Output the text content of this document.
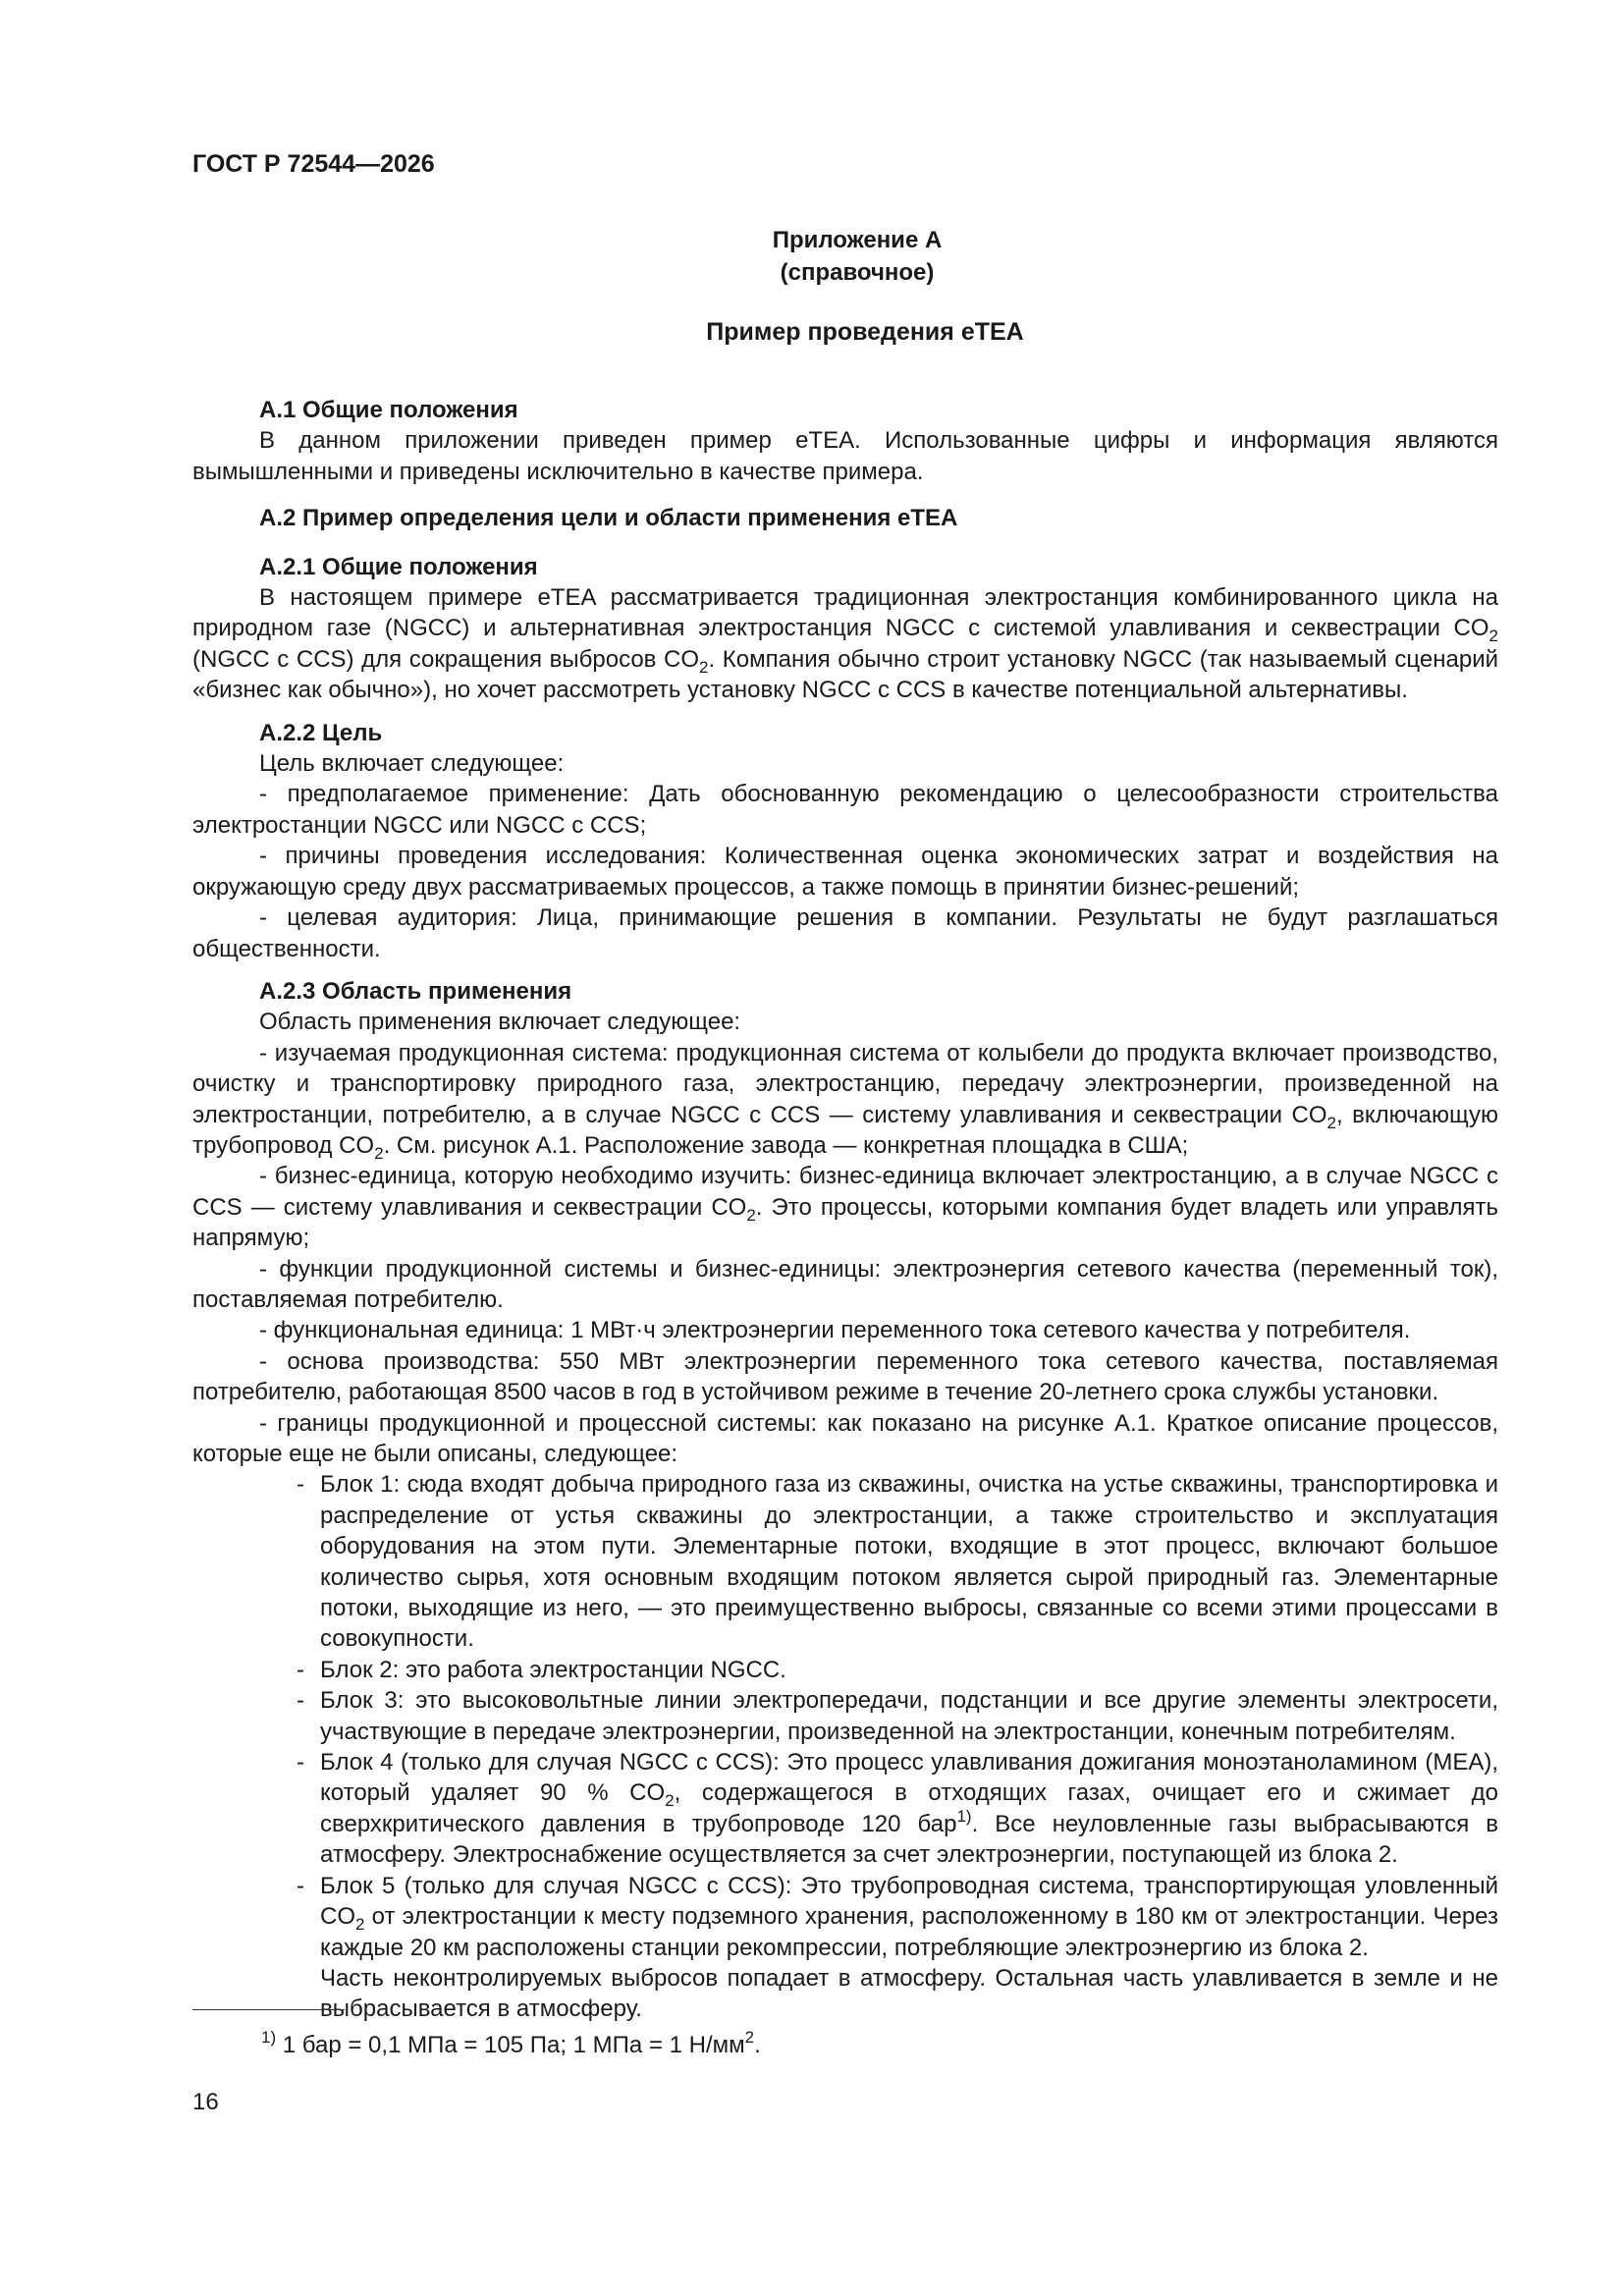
ГОСТ Р 72544—2026
Приложение А
(справочное)
Пример проведения eTEA
А.1 Общие положения

В данном приложении приведен пример eTEA. Использованные цифры и информация являются вымышленными и приведены исключительно в качестве примера.

А.2 Пример определения цели и области применения eTEA
А.2.1 Общие положения

В настоящем примере eTEA рассматривается традиционная электростанция комбинированного цикла на природном газе (NGCC) и альтернативная электростанция NGCC с системой улавливания и секвестрации $CO_2$ (NGCC с CCS) для сокращения выбросов $CO_2$. Компания обычно строит установку NGCC (так называемый сценарий «бизнес как обычно»), но хочет рассмотреть установку NGCC с CCS в качестве потенциальной альтернативы.

А.2.2 Цель

Цель включает следующее:

- предполагаемое применение: Дать обоснованную рекомендацию о целесообразности строительства электростанции NGCC или NGCC с CCS;

- причины проведения исследования: Количественная оценка экономических затрат и воздействия на окружающую среду двух рассматриваемых процессов, а также помощь в принятии бизнес-решений;

- целевая аудитория: Лица, принимающие решения в компании. Результаты не будут разглашаться общественности.

А.2.3 Область применения

Область применения включает следующее:

- изучаемая продукционная система: продукционная система от колыбели до продукта включает производство, очистку и транспортировку природного газа, электростанцию, передачу электроэнергии, произведенной на электростанции, потребителю, а в случае NGCC с CCS — систему улавливания и секвестрации $CO_2$, включающую трубопровод $CO_2$. См. рисунок А.1. Расположение завода — конкретная площадка в США;

- бизнес-единица, которую необходимо изучить: бизнес-единица включает электростанцию, а в случае NGCC с CCS — систему улавливания и секвестрации $CO_2$. Это процессы, которыми компания будет владеть или управлять напрямую;

- функции продукционной системы и бизнес-единицы: электроэнергия сетевого качества (переменный ток), поставляемая потребителю.

- функциональная единица: 1 МВт·ч электроэнергии переменного тока сетевого качества у потребителя.

- основа производства: 550 МВт электроэнергии переменного тока сетевого качества, поставляемая потребителю, работающая 8500 часов в год в устойчивом режиме в течение 20-летнего срока службы установки.

- границы продукционной и процессной системы: как показано на рисунке А.1. Краткое описание процессов, которые еще не были описаны, следующее:

- Блок 1: сюда входят добыча природного газа из скважины, очистка на устье скважины, транспортировка и распределение от устья скважины до электростанции, а также строительство и эксплуатация оборудования на этом пути. Элементарные потоки, входящие в этот процесс, включают большое количество сырья, хотя основным входящим потоком является сырой природный газ. Элементарные потоки, выходящие из него, — это преимущественно выбросы, связанные со всеми этими процессами в совокупности.
- Блок 2: это работа электростанции NGCC.
- Блок 3: это высоковольтные линии электропередачи, подстанции и все другие элементы электросети, участвующие в передаче электроэнергии, произведенной на электростанции, конечным потребителям.
- Блок 4 (только для случая NGCC с CCS): Это процесс улавливания дожигания моноэтаноламином (MEA), который удаляет 90 % $CO_2$, содержащегося в отходящих газах, очищает его и сжимает до сверхкритического давления в трубопроводе 120 бар$^{1)}$. Все неуловленные газы выбрасываются в атмосферу. Электроснабжение осуществляется за счет электроэнергии, поступающей из блока 2.
- Блок 5 (только для случая NGCC с CCS): Это трубопроводная система, транспортирующая уловленный $CO_2$ от электростанции к месту подземного хранения, расположенному в 180 км от электростанции. Через каждые 20 км расположены станции рекомпрессии, потребляющие электроэнергию из блока 2.
Часть неконтролируемых выбросов попадает в атмосферу. Остальная часть улавливается в земле и не выбрасывается в атмосферу.
$^{1)}$ 1 бар = 0,1 МПа = 105 Па; 1 МПа = 1 $Н/мм^2$.
16
